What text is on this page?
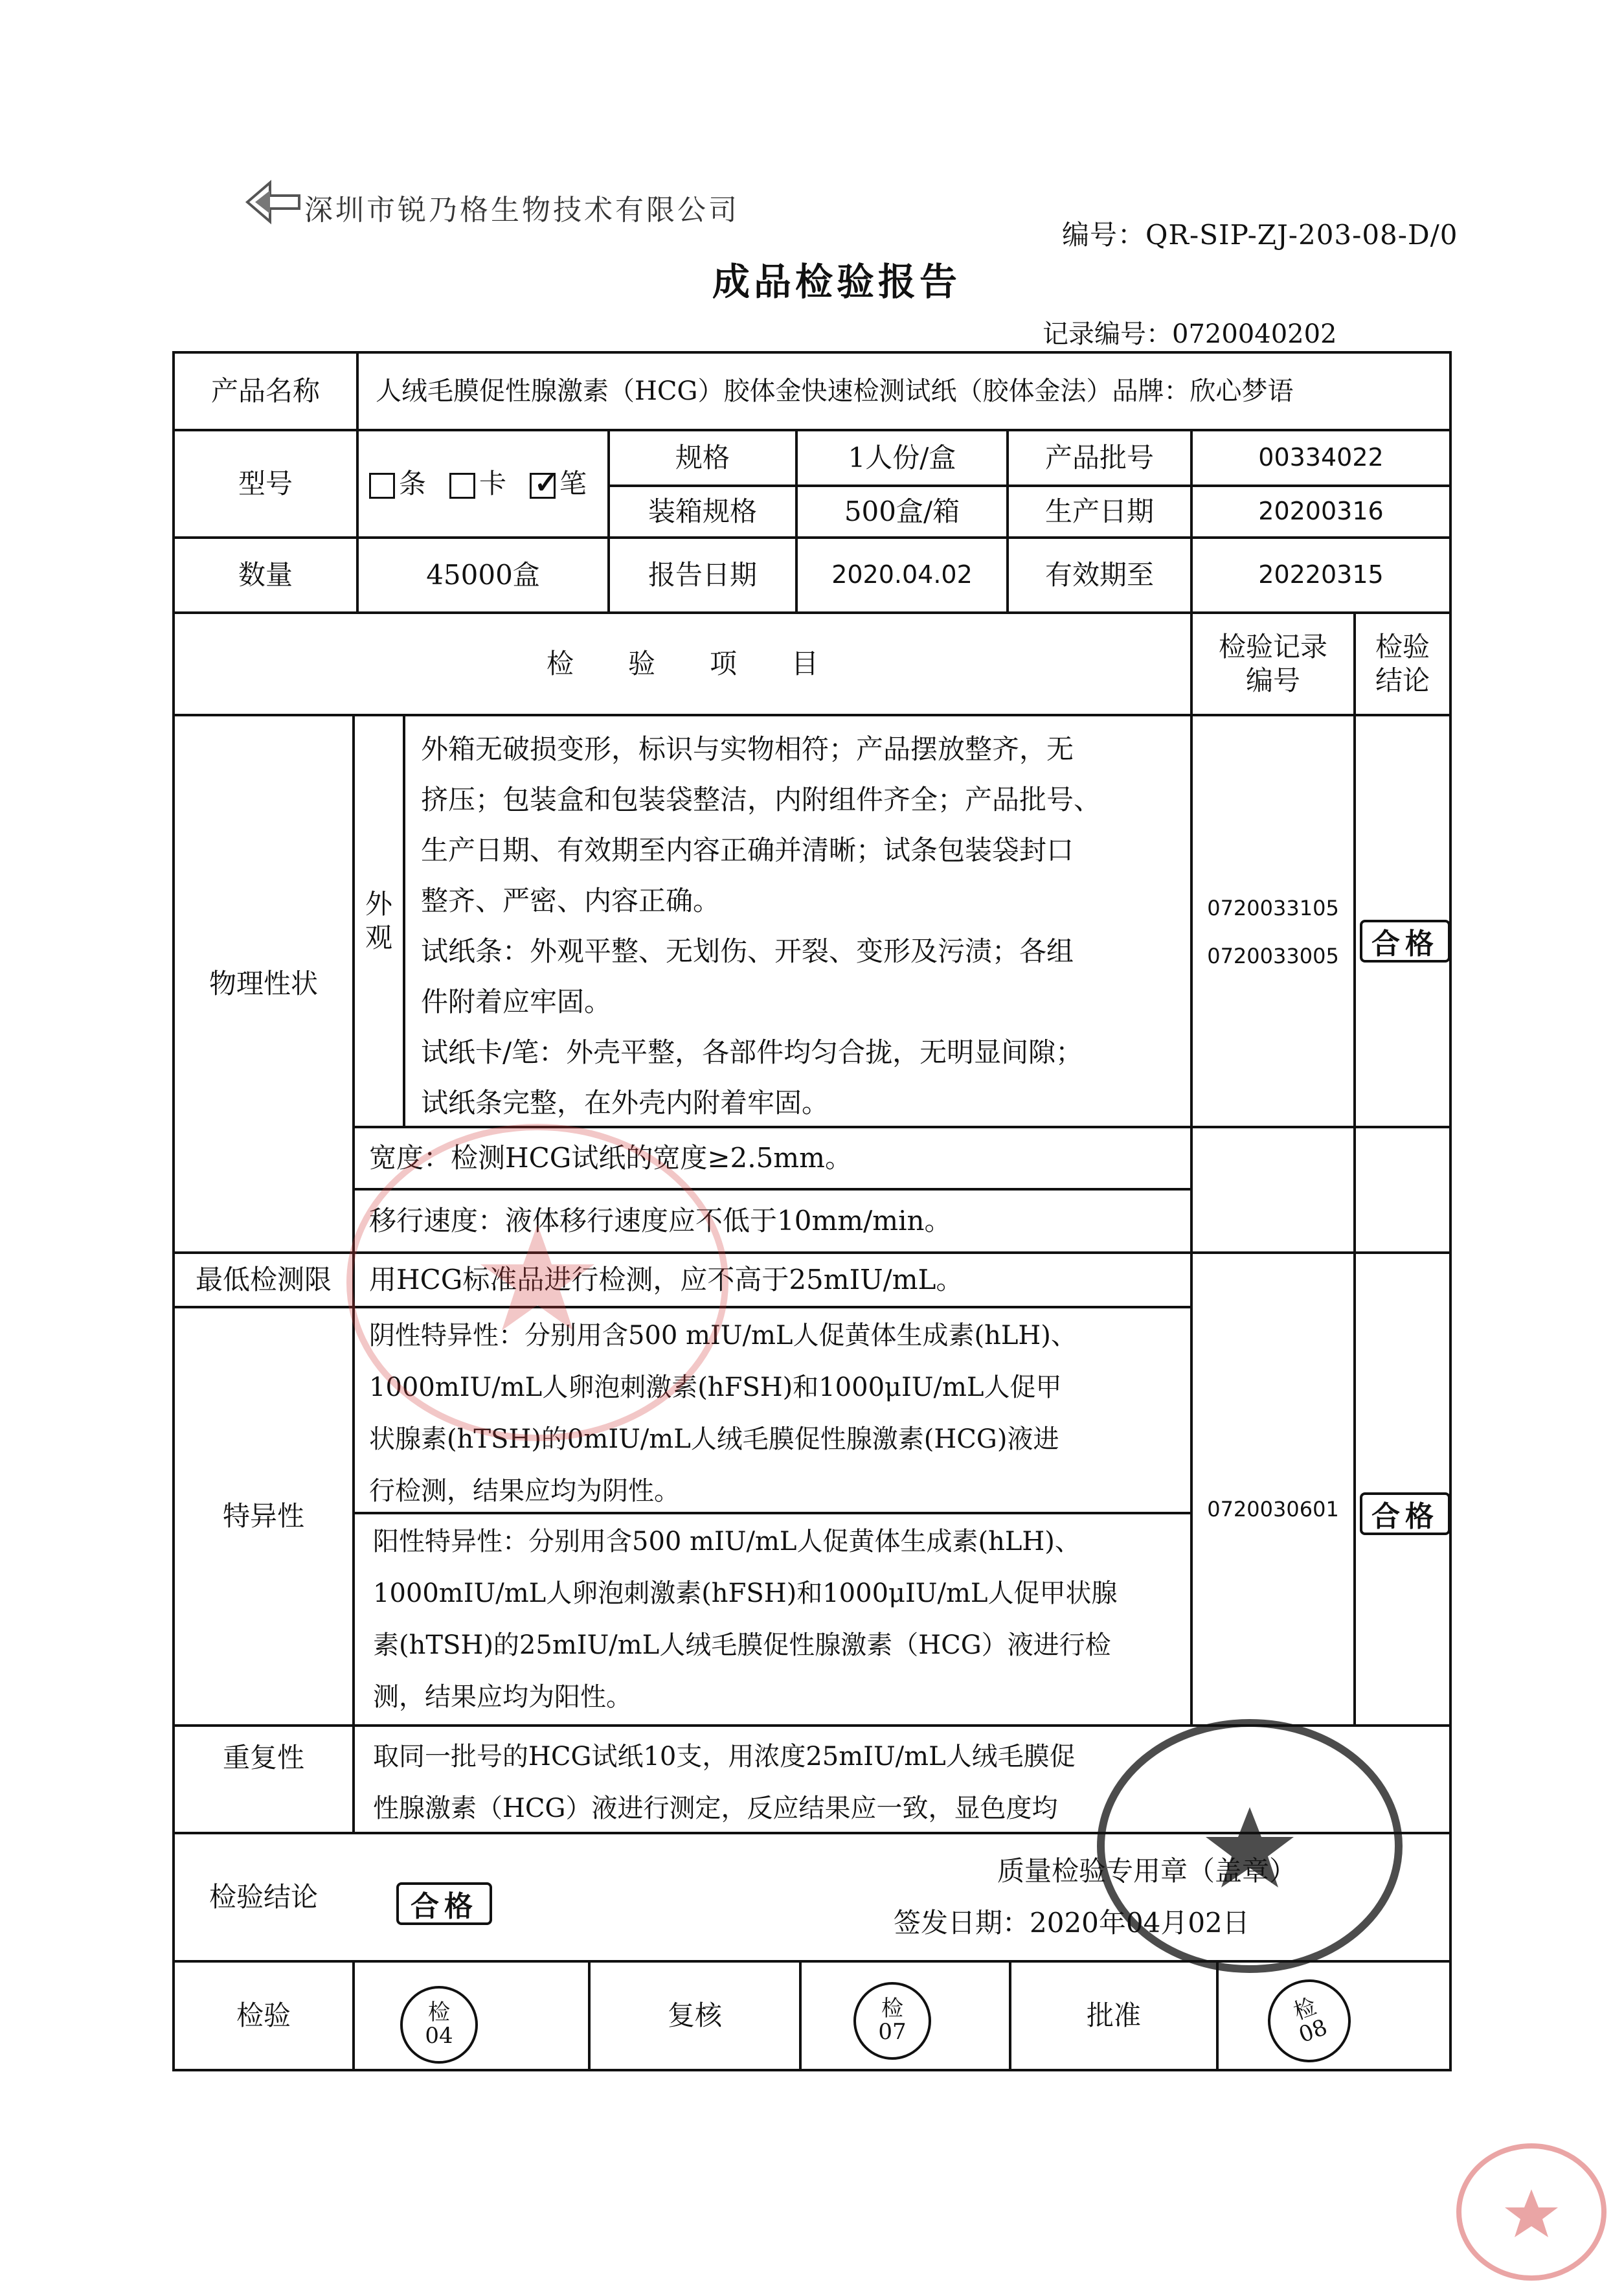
深圳市锐乃格生物技术有限公司
编号：QR-SIP-ZJ-203-08-D/0
成品检验报告
记录编号：0720040202
产品名称	人绒毛膜促性腺激素（HCG）胶体金快速检测试纸（胶体金法）品牌：欣心梦语
型号	条	卡
✓	笔
规格	1人份/盒	产品批号	00334022
装箱规格	500盒/箱	生产日期	20200316
数量	45000盒	报告日期	2020.04.02	有效期至	20220315
检　　验　　项　　目
检验记录
编号
检验
结论
物理性状
外
观
外箱无破损变形，标识与实物相符；产品摆放整齐，无
挤压；包装盒和包装袋整洁，内附组件齐全；产品批号、
生产日期、有效期至内容正确并清晰；试条包装袋封口
整齐、严密、内容正确。
试纸条：外观平整、无划伤、开裂、变形及污渍；各组
件附着应牢固。
试纸卡/笔：外壳平整，各部件均匀合拢，无明显间隙；
试纸条完整，在外壳内附着牢固。
宽度：检测HCG试纸的宽度≥2.5mm。
移行速度：液体移行速度应不低于10mm/min。
0720033105
0720033005	合格
最低检测限	用HCG标准品进行检测，应不高于25mIU/mL。
特异性
阴性特异性：分别用含500 mIU/mL人促黄体生成素(hLH)、
1000mIU/mL人卵泡刺激素(hFSH)和1000μIU/mL人促甲
状腺素(hTSH)的0mIU/mL人绒毛膜促性腺激素(HCG)液进
行检测，结果应均为阴性。
阳性特异性：分别用含500 mIU/mL人促黄体生成素(hLH)、
1000mIU/mL人卵泡刺激素(hFSH)和1000μIU/mL人促甲状腺
素(hTSH)的25mIU/mL人绒毛膜促性腺激素（HCG）液进行检
测，结果应均为阳性。
0720030601	合格
重复性	取同一批号的HCG试纸10支，用浓度25mIU/mL人绒毛膜促
性腺激素（HCG）液进行测定，反应结果应一致，显色度均
检验结论	合格
质量检验专用章（盖章）
签发日期：2020年04月02日
检验	检
04
复核	检
07
批准	检
08
